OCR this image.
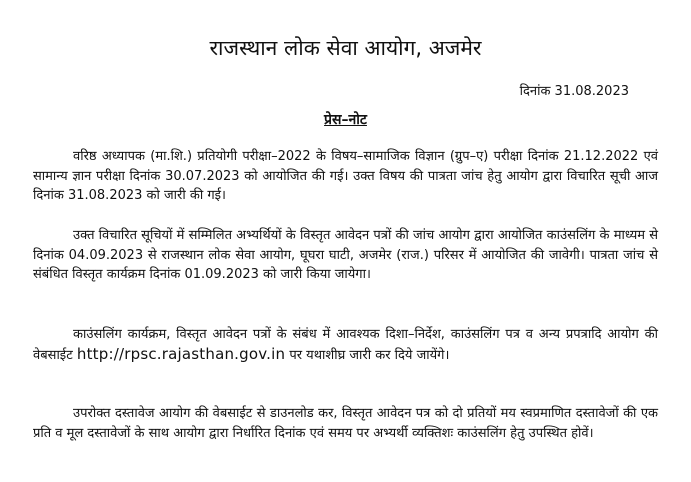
राजस्थान लोक सेवा आयोग, अजमेर
दिनांक 31.08.2023
प्रेस–नोट

वरिष्ठ अध्यापक (मा.शि.) प्रतियोगी परीक्षा–2022 के विषय–सामाजिक विज्ञान (ग्रुप–ए) परीक्षा दिनांक 21.12.2022 एवं सामान्य ज्ञान परीक्षा दिनांक 30.07.2023 को आयोजित की गई। उक्त विषय की पात्रता जांच हेतु आयोग द्वारा विचारित सूची आज दिनांक 31.08.2023 को जारी की गई।

उक्त विचारित सूचियों में सम्मिलित अभ्यर्थियों के विस्तृत आवेदन पत्रों की जांच आयोग द्वारा आयोजित काउंसलिंग के माध्यम से दिनांक 04.09.2023 से राजस्थान लोक सेवा आयोग, घूघरा घाटी, अजमेर (राज.) परिसर में आयोजित की जावेगी। पात्रता जांच से संबंधित विस्तृत कार्यक्रम दिनांक 01.09.2023 को जारी किया जायेगा।

काउंसलिंग कार्यक्रम, विस्तृत आवेदन पत्रों के संबंध में आवश्यक दिशा–निर्देश, काउंसलिंग पत्र व अन्य प्रपत्रादि आयोग की वेबसाईट http://rpsc.rajasthan.gov.in पर यथाशीघ्र जारी कर दिये जायेंगे।

उपरोक्त दस्तावेज आयोग की वेबसाईट से डाउनलोड कर, विस्तृत आवेदन पत्र को दो प्रतियों मय स्वप्रमाणित दस्तावेजों की एक प्रति व मूल दस्तावेजों के साथ आयोग द्वारा निर्धारित दिनांक एवं समय पर अभ्यर्थी व्यक्तिशः काउंसलिंग हेतु उपस्थित होवें।
